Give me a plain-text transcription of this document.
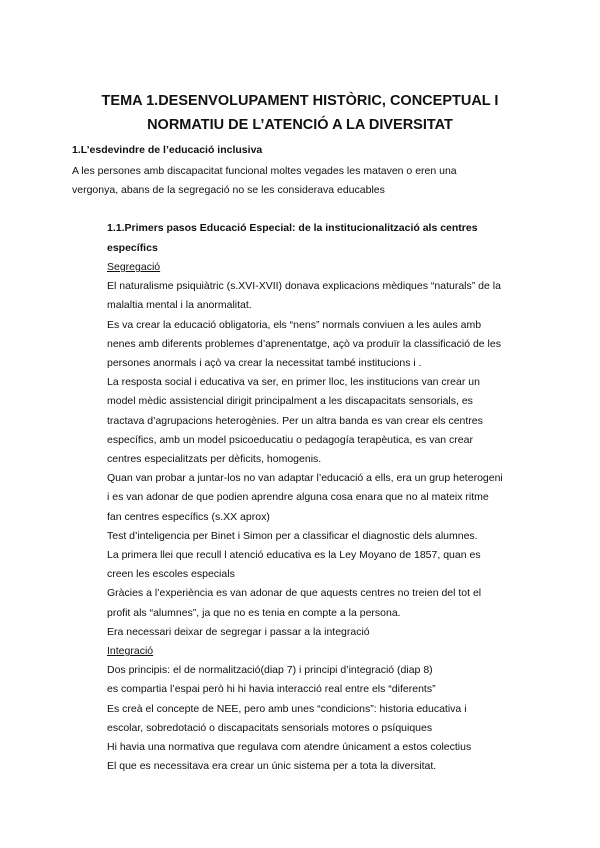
TEMA 1.DESENVOLUPAMENT HISTÒRIC, CONCEPTUAL I
NORMATIU DE L’ATENCIÓ A LA DIVERSITAT
1.L’esdevindre de l’educació inclusiva
A les persones amb discapacitat funcional moltes vegades les mataven o eren una
vergonya, abans de la segregació no se les considerava educables
1.1.Primers pasos Educació Especial: de la institucionalització als centres
específics
Segregació
El naturalisme psiquiàtric (s.XVI-XVII) donava explicacions mèdiques “naturals” de la
malaltia mental i la anormalitat.
Es va crear la educació obligatoria, els “nens” normals conviuen a les aules amb
nenes amb diferents problemes d’aprenentatge, açò va produïr la classificació de les
persones anormals i açò va crear la necessitat també institucions i .
La resposta social i educativa va ser, en primer lloc, les institucions van crear un
model mèdic assistencial dirigit principalment a les discapacitats sensorials, es
tractava d’agrupacions heterogènies. Per un altra banda es van crear els centres
específics, amb un model psicoeducatiu o pedagogía terapèutica, es van crear
centres especialitzats per dèficits, homogenis.
Quan van probar a juntar-los no van adaptar l’educació a ells, era un grup heterogeni
i es van adonar de que podien aprendre alguna cosa enara que no al mateix ritme
fan centres específics (s.XX aprox)
Test d’inteligencia per Binet i Simon per a classificar el diagnostic dels alumnes.
La primera llei que recull l atenció educativa es la Ley Moyano de 1857, quan es
creen les escoles especials
Gràcies a l’experiència es van adonar de que aquests centres no treien del tot el
profit als “alumnes”, ja que no es tenia en compte a la persona.
Era necessari deixar de segregar i passar a la integració
Integració
Dos principis: el de normalització(diap 7) i principi d’integració (diap 8)
es compartia l’espai però hi hi havia interacció real entre els “diferents”
Es creà el concepte de NEE, pero amb unes “condicions”: historia educativa i
escolar, sobredotació o discapacitats sensorials motores o psíquiques
Hi havia una normativa que regulava com atendre únicament a estos colectius
El que es necessitava era crear un únic sistema per a tota la diversitat.
